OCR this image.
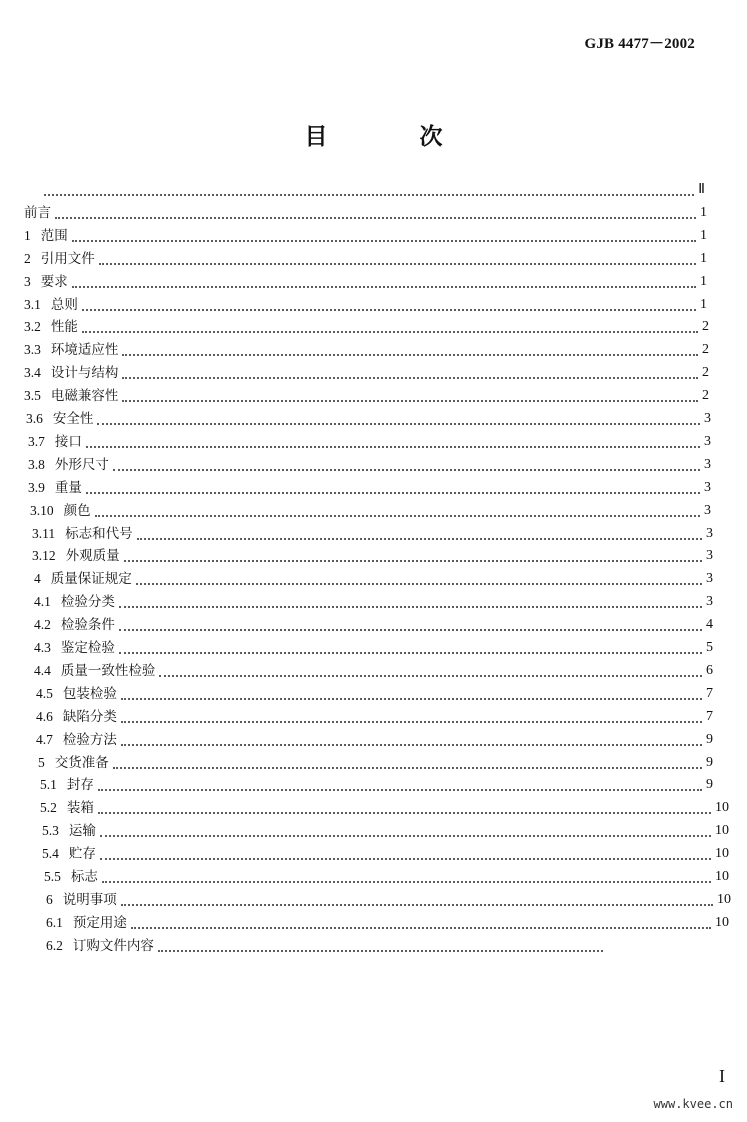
GJB 4477－2002
目 次
Ⅱ
前言	1
1 范围	1
2 引用文件	1
3 要求	1
3.1 总则	1
3.2 性能	2
3.3 环境适应性	2
3.4 设计与结构	2
3.5 电磁兼容性	2
3.6 安全性	3
3.7 接口	3
3.8 外形尺寸	3
3.9 重量	3
3.10 颜色	3
3.11 标志和代号	3
3.12 外观质量	3
4 质量保证规定	3
4.1 检验分类	3
4.2 检验条件	4
4.3 鉴定检验	5
4.4 质量一致性检验	6
4.5 包装检验	7
4.6 缺陷分类	7
4.7 检验方法	9
5 交货准备	9
5.1 封存	9
5.2 装箱	10
5.3 运输	10
5.4 贮存	10
5.5 标志	10
6 说明事项	10
6.1 预定用途	10
6.2 订购文件内容
I
www.kvee.cn
